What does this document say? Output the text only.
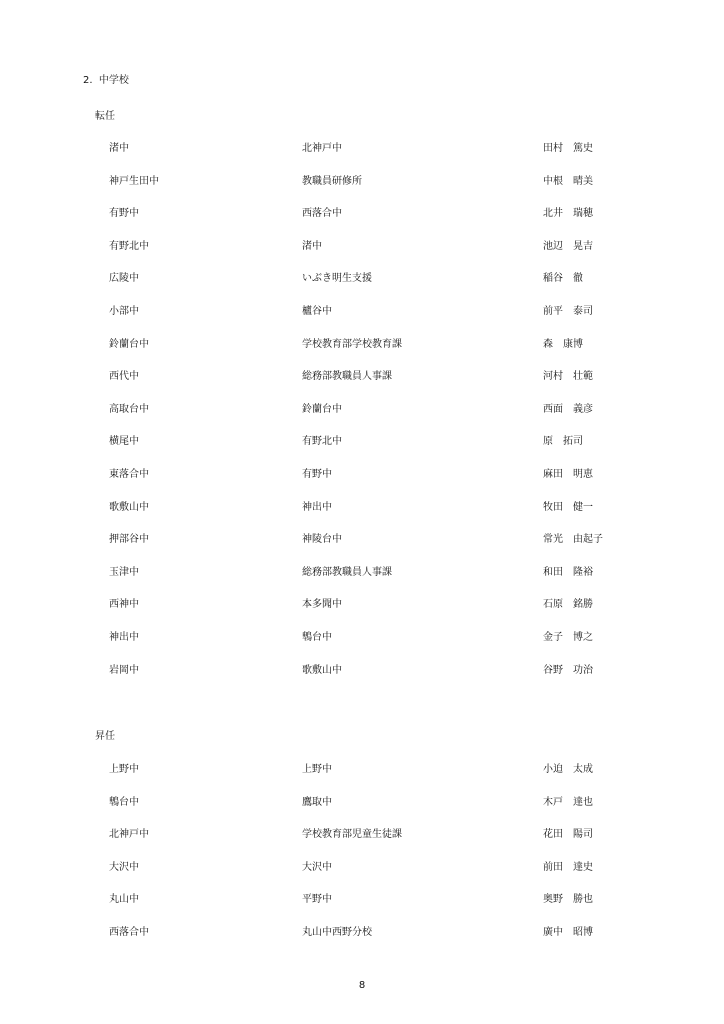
2. 中学校
転任
渚中	北神戸中	田村　篤史
神戸生田中	教職員研修所	中根　晴美
有野中	西落合中	北井　瑞穂
有野北中	渚中	池辺　晃吉
広陵中	いぶき明生支援	稲谷　徹
小部中	櫨谷中	前平　泰司
鈴蘭台中	学校教育部学校教育課	森　康博
西代中	総務部教職員人事課	河村　壮範
高取台中	鈴蘭台中	西面　義彦
横尾中	有野北中	原　拓司
東落合中	有野中	麻田　明恵
歌敷山中	神出中	牧田　健一
押部谷中	神陵台中	常光　由起子
玉津中	総務部教職員人事課	和田　隆裕
西神中	本多聞中	石原　銘勝
神出中	鵯台中	金子　博之
岩岡中	歌敷山中	谷野　功治
昇任
上野中	上野中	小迫　太成
鵯台中	鷹取中	木戸　達也
北神戸中	学校教育部児童生徒課	花田　陽司
大沢中	大沢中	前田　達史
丸山中	平野中	奥野　勝也
西落合中	丸山中西野分校	廣中　昭博
8
